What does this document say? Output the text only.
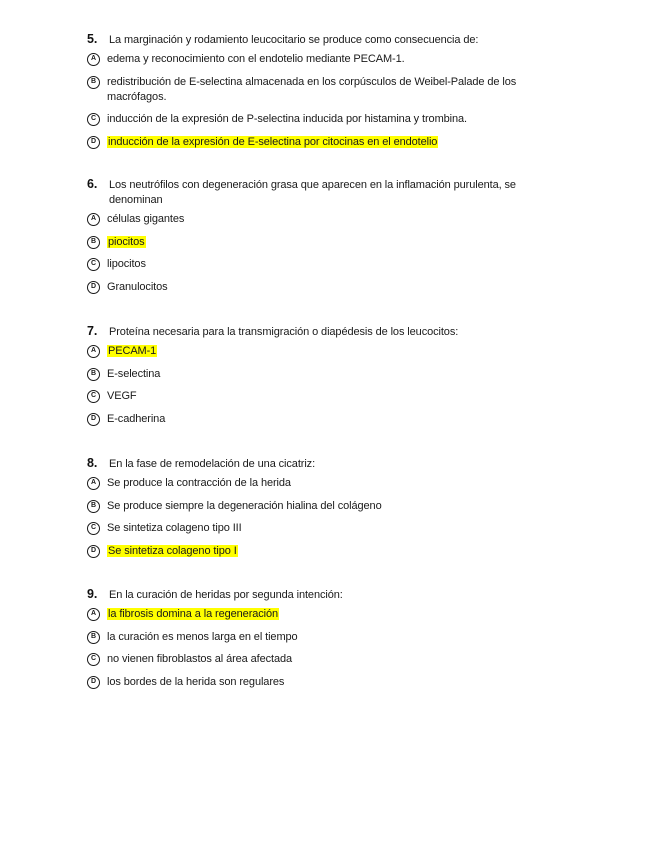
5.	La marginación y rodamiento leucocitario se produce como consecuencia de:
A	edema y reconocimiento con el endotelio mediante PECAM-1.
B	redistribución de E-selectina almacenada en los corpúsculos de Weibel-Palade de los macrófagos.
C	inducción de la expresión de P-selectina inducida por histamina y trombina.
D	inducción de la expresión de E-selectina por citocinas en el endotelio
6.	Los neutrófilos con degeneración grasa que aparecen en la inflamación purulenta, se denominan
A	células gigantes
B	piocitos
C	lipocitos
D	Granulocitos
7.	Proteína necesaria para la transmigración o diapédesis de los leucocitos:
A	PECAM-1
B	E-selectina
C	VEGF
D	E-cadherina
8.	En la fase de remodelación de una cicatriz:
A	Se produce la contracción de la herida
B	Se produce siempre la degeneración hialina del colágeno
C	Se sintetiza colageno tipo III
D	Se sintetiza colageno tipo I
9.	En la curación de heridas por segunda intención:
A	la fibrosis domina a la regeneración
B	la curación es menos larga en el tiempo
C	no vienen fibroblastos al área afectada
D	los bordes de la herida son regulares
